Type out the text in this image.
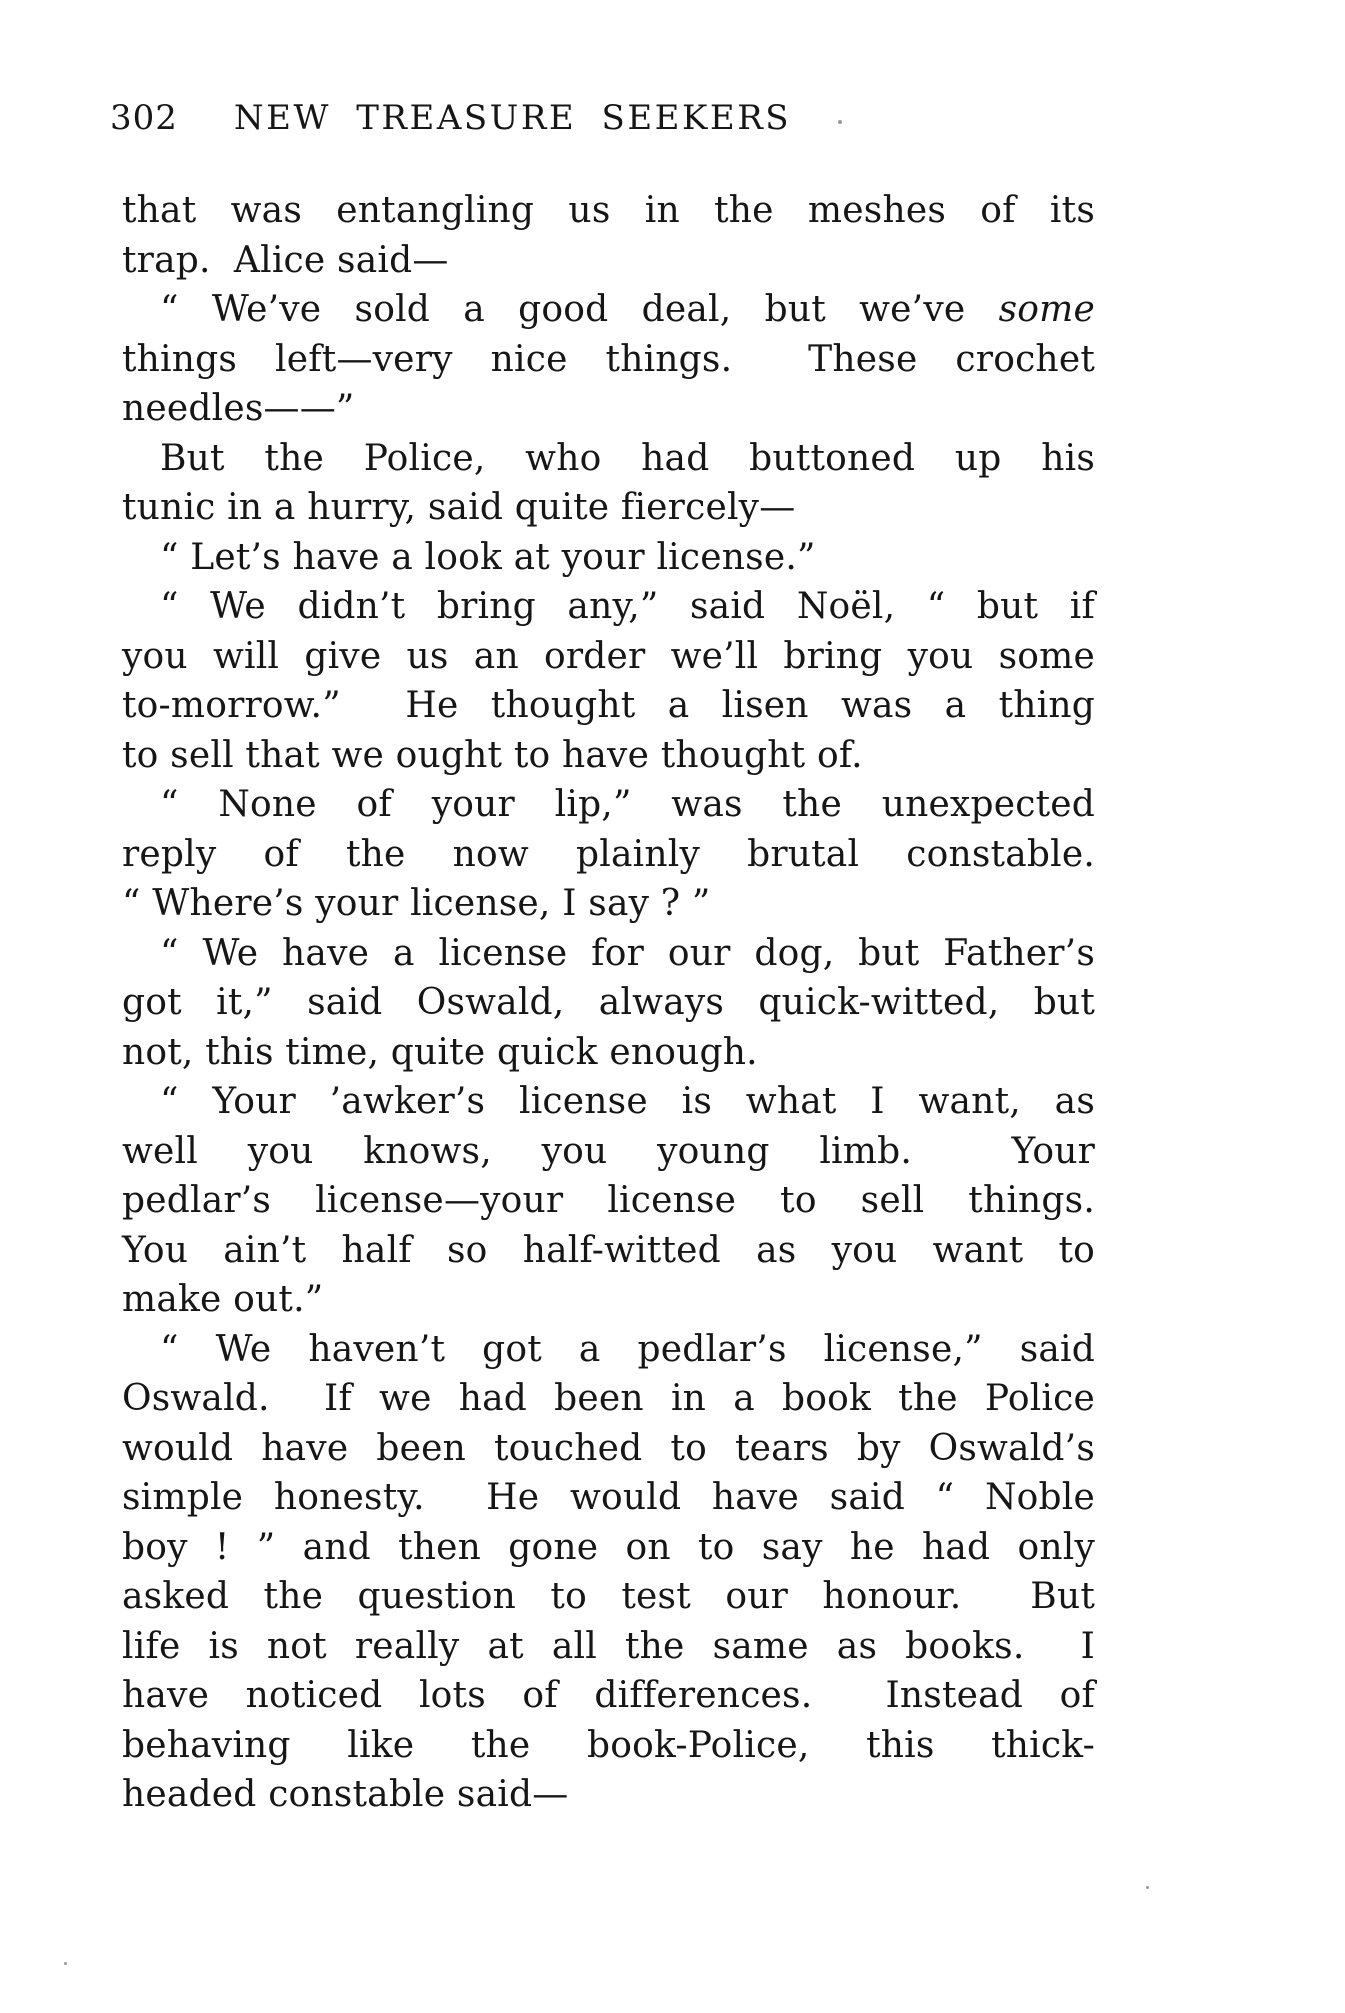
302 NEW TREASURE SEEKERS
that was entangling us in the meshes of its
trap.  Alice said—
“ We’ve sold a good deal, but we’ve some
things left—very nice things.  These crochet
needles——”
But the Police, who had buttoned up his
tunic in a hurry, said quite fiercely—
“ Let’s have a look at your license.”
“ We didn’t bring any,” said Noël, “ but if
you will give us an order we’ll bring you some
to-morrow.”  He thought a lisen was a thing
to sell that we ought to have thought of.
“ None of your lip,” was the unexpected
reply of the now plainly brutal constable.
“ Where’s your license, I say ? ”
“ We have a license for our dog, but Father’s
got it,” said Oswald, always quick-witted, but
not, this time, quite quick enough.
“ Your ’awker’s license is what I want, as
well you knows, you young limb.  Your
pedlar’s license—your license to sell things.
You ain’t half so half-witted as you want to
make out.”
“ We haven’t got a pedlar’s license,” said
Oswald.  If we had been in a book the Police
would have been touched to tears by Oswald’s
simple honesty.  He would have said “ Noble
boy ! ” and then gone on to say he had only
asked the question to test our honour.  But
life is not really at all the same as books.  I
have noticed lots of differences.  Instead of
behaving like the book-Police, this thick-
headed constable said—
